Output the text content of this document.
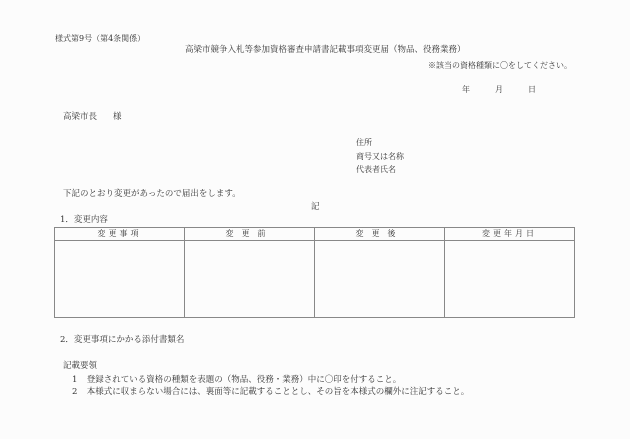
様式第9号（第4条関係）
高梁市競争入札等参加資格審査申請書記載事項変更届（物品、役務業務）
※該当の資格種類に〇をしてください。
年	月	日
高梁市長 様
住所
商号又は名称
代表者氏名
下記のとおり変更があったので届出をします。
記
1．変更内容
変更事項	変更前	変更後	変更年月日

2．変更事項にかかる添付書類名
記載要領
1 登録されている資格の種類を表題の（物品、役務・業務）中に〇印を付すること。
2 本様式に収まらない場合には、裏面等に記載することとし、その旨を本様式の欄外に注記すること。
